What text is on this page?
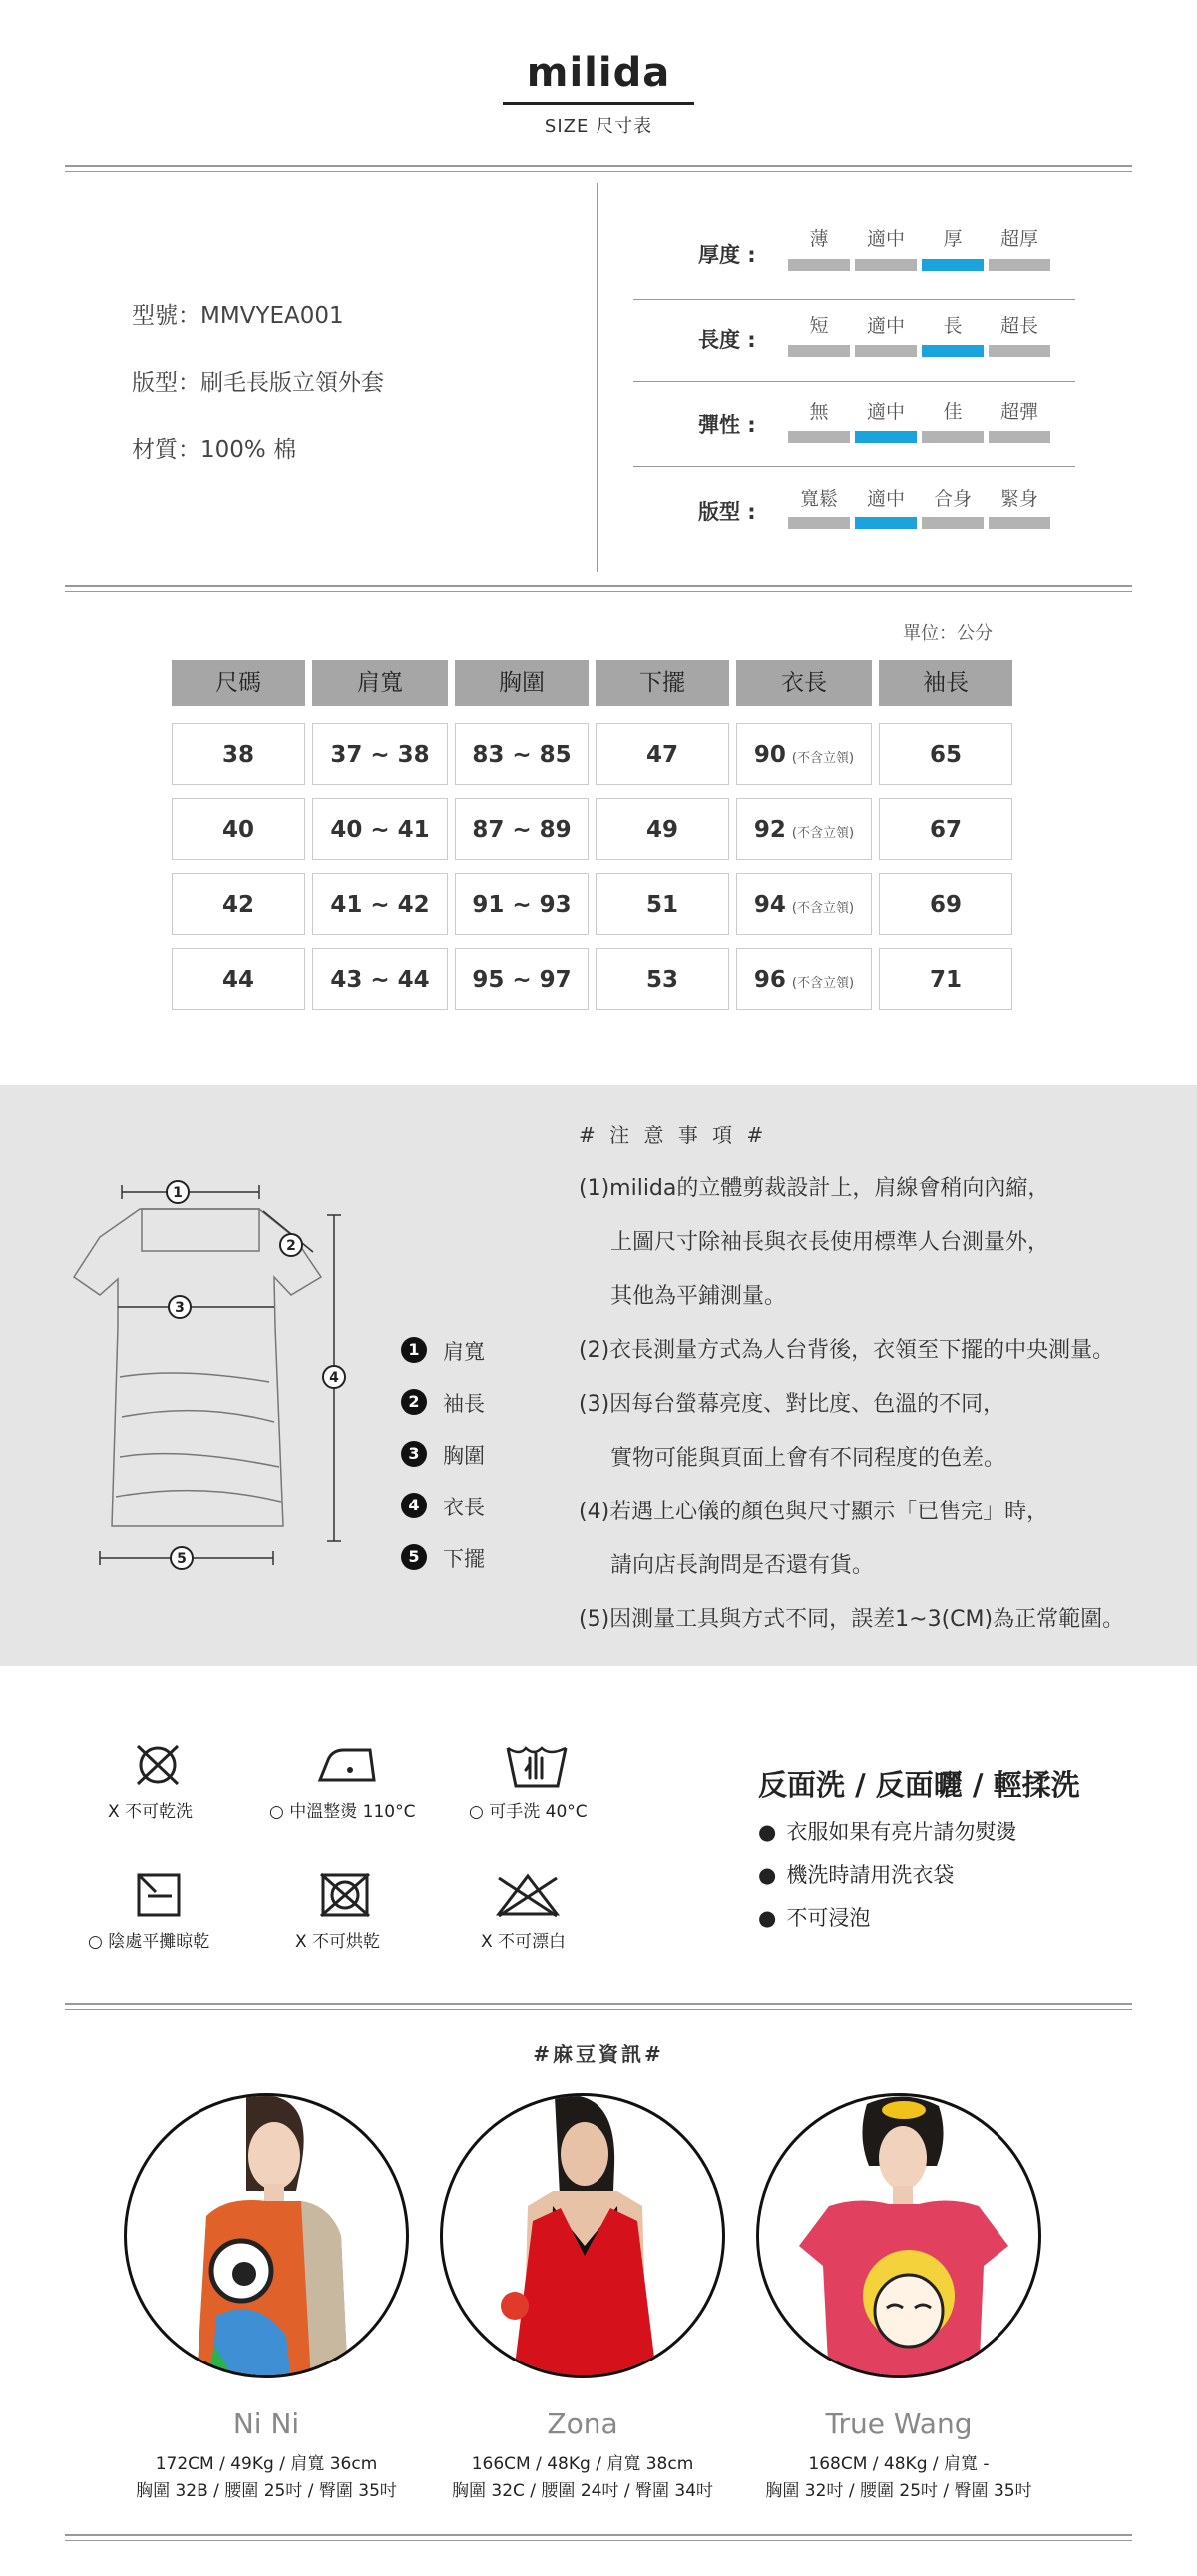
milida
SIZE 尺寸表
型號：MMVYEA001
版型：刷毛長版立領外套
材質：100% 棉
厚度 :
薄	適中	厚	超厚
長度 :
短	適中	長	超長
彈性 :
無	適中	佳	超彈
版型 :
寬鬆	適中	合身	緊身
單位：公分
尺碼	肩寬	胸圍	下擺	衣長	袖長
38	37 ~ 38	83 ~ 85	47	90 (不含立領)	65
40	40 ~ 41	87 ~ 89	49	92 (不含立領)	67
42	41 ~ 42	91 ~ 93	51	94 (不含立領)	69
44	43 ~ 44	95 ~ 97	53	96 (不含立領)	71
1
2
3
4
5
1	肩寬
2	袖長
3	胸圍
4	衣長
5	下擺
# 注 意 事 項 #
(1)milida的立體剪裁設計上，肩線會稍向內縮，
上圖尺寸除袖長與衣長使用標準人台測量外，
其他為平鋪測量。
(2)衣長測量方式為人台背後，衣領至下擺的中央測量。
(3)因每台螢幕亮度、對比度、色溫的不同，
實物可能與頁面上會有不同程度的色差。
(4)若遇上心儀的顏色與尺寸顯示「已售完」時，
請向店長詢問是否還有貨。
(5)因測量工具與方式不同，誤差1~3(CM)為正常範圍。
X 不可乾洗	○ 中溫整燙 110°C	○ 可手洗 40°C
○ 陰處平攤晾乾	X 不可烘乾	X 不可漂白
反面洗 / 反面曬 / 輕揉洗
● 衣服如果有亮片請勿熨燙
● 機洗時請用洗衣袋
● 不可浸泡
#麻豆資訊#
Ni Ni
172CM / 49Kg / 肩寬 36cm
胸圍 32B / 腰圍 25吋 / 臀圍 35吋
Zona
166CM / 48Kg / 肩寬 38cm
胸圍 32C / 腰圍 24吋 / 臀圍 34吋
True Wang
168CM / 48Kg / 肩寬 -
胸圍 32吋 / 腰圍 25吋 / 臀圍 35吋
